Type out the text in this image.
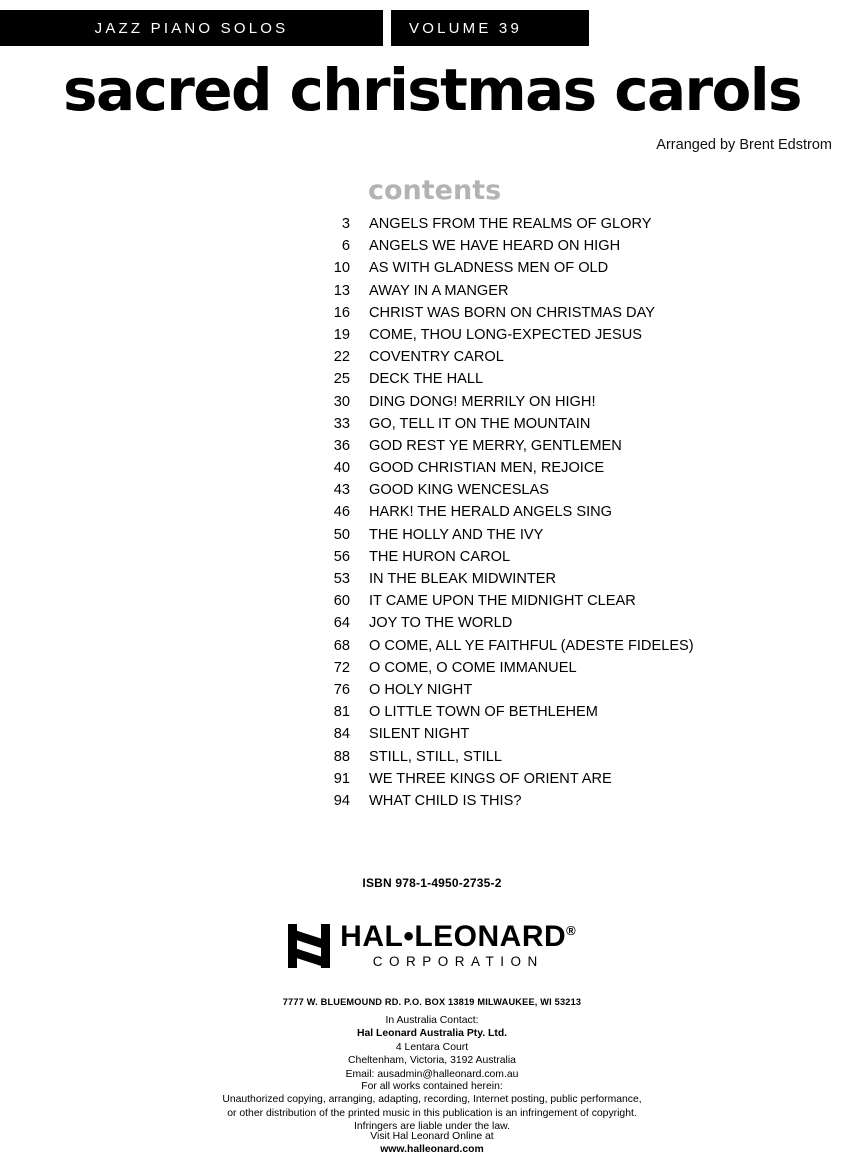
JAZZ PIANO SOLOS	VOLUME 39
sacred christmas carols
Arranged by Brent Edstrom
contents
3	ANGELS FROM THE REALMS OF GLORY
6	ANGELS WE HAVE HEARD ON HIGH
10	AS WITH GLADNESS MEN OF OLD
13	AWAY IN A MANGER
16	CHRIST WAS BORN ON CHRISTMAS DAY
19	COME, THOU LONG-EXPECTED JESUS
22	COVENTRY CAROL
25	DECK THE HALL
30	DING DONG! MERRILY ON HIGH!
33	GO, TELL IT ON THE MOUNTAIN
36	GOD REST YE MERRY, GENTLEMEN
40	GOOD CHRISTIAN MEN, REJOICE
43	GOOD KING WENCESLAS
46	HARK! THE HERALD ANGELS SING
50	THE HOLLY AND THE IVY
56	THE HURON CAROL
53	IN THE BLEAK MIDWINTER
60	IT CAME UPON THE MIDNIGHT CLEAR
64	JOY TO THE WORLD
68	O COME, ALL YE FAITHFUL (ADESTE FIDELES)
72	O COME, O COME IMMANUEL
76	O HOLY NIGHT
81	O LITTLE TOWN OF BETHLEHEM
84	SILENT NIGHT
88	STILL, STILL, STILL
91	WE THREE KINGS OF ORIENT ARE
94	WHAT CHILD IS THIS?
ISBN 978-1-4950-2735-2

HAL•LEONARD®
CORPORATION
7777 W. BLUEMOUND RD. P.O. BOX 13819 MILWAUKEE, WI 53213
In Australia Contact:
Hal Leonard Australia Pty. Ltd.
4 Lentara Court
Cheltenham, Victoria, 3192 Australia
Email: ausadmin@halleonard.com.au
For all works contained herein:
Unauthorized copying, arranging, adapting, recording, Internet posting, public performance,
or other distribution of the printed music in this publication is an infringement of copyright.
Infringers are liable under the law.
Visit Hal Leonard Online at
www.halleonard.com
